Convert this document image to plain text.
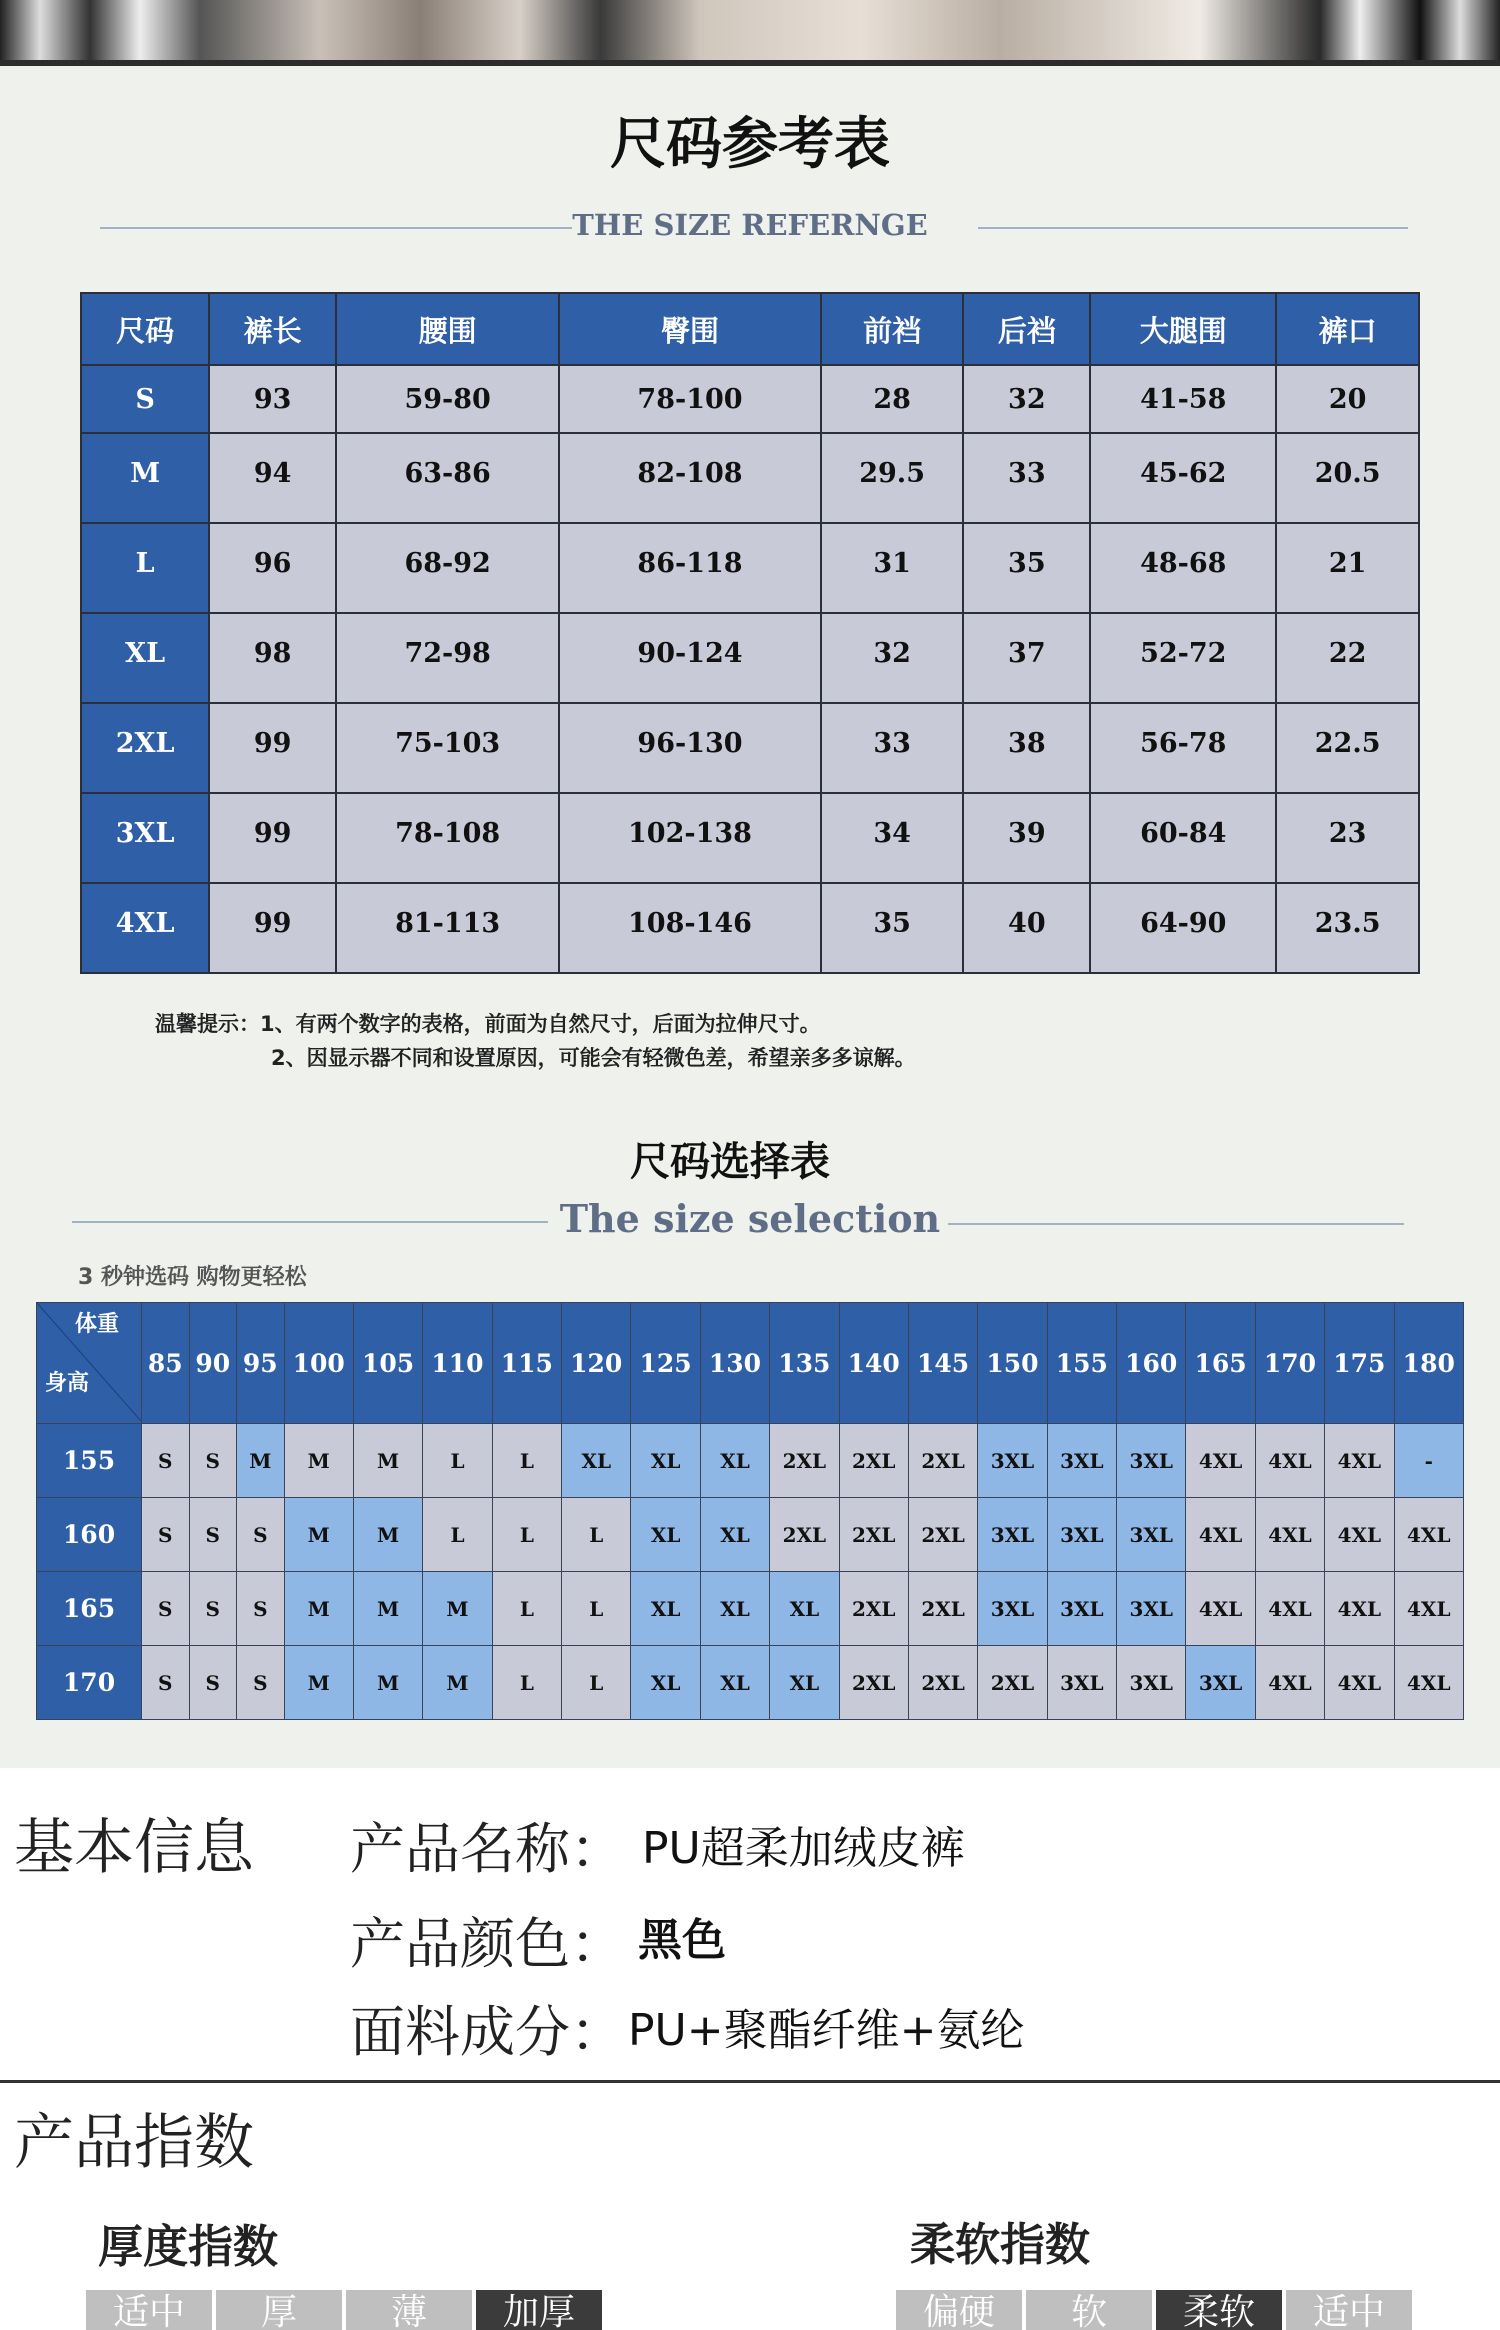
尺码参考表
THE SIZE REFERNGE
尺码	裤长	腰围	臀围	前裆	后裆	大腿围	裤口
S	93	59-80	78-100	28	32	41-58	20
M	94	63-86	82-108	29.5	33	45-62	20.5
L	96	68-92	86-118	31	35	48-68	21
XL	98	72-98	90-124	32	37	52-72	22
2XL	99	75-103	96-130	33	38	56-78	22.5
3XL	99	78-108	102-138	34	39	60-84	23
4XL	99	81-113	108-146	35	40	64-90	23.5
温馨提示：1、有两个数字的表格，前面为自然尺寸，后面为拉伸尺寸。
2、因显示器不同和设置原因，可能会有轻微色差，希望亲多多谅解。
尺码选择表
The size selection
3 秒钟选码 购物更轻松
体重
身高	85	90	95	100	105	110	115	120	125	130	135	140	145	150	155	160	165	170	175	180
155	S	S	M	M	M	L	L	XL	XL	XL	2XL	2XL	2XL	3XL	3XL	3XL	4XL	4XL	4XL	-
160	S	S	S	M	M	L	L	L	XL	XL	2XL	2XL	2XL	3XL	3XL	3XL	4XL	4XL	4XL	4XL
165	S	S	S	M	M	M	L	L	XL	XL	XL	2XL	2XL	3XL	3XL	3XL	4XL	4XL	4XL	4XL
170	S	S	S	M	M	M	L	L	XL	XL	XL	2XL	2XL	2XL	3XL	3XL	3XL	4XL	4XL	4XL
基本信息 产品名称： PU超柔加绒皮裤
产品颜色： 黑色
面料成分： PU+聚酯纤维+氨纶
产品指数
厚度指数	柔软指数
适中	厚	薄	加厚	偏硬	软	柔软	适中
